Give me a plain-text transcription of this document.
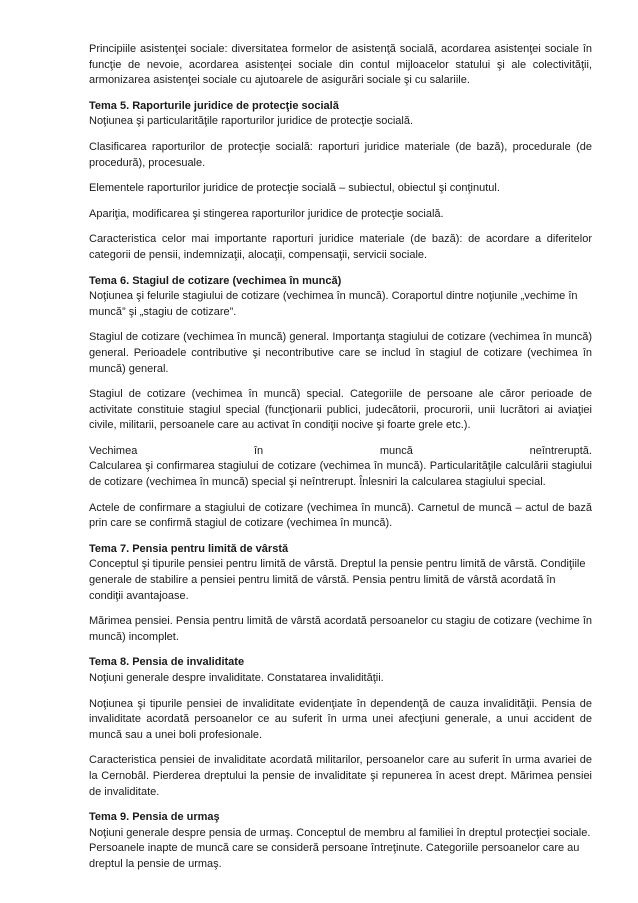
Principiile asistenţei sociale: diversitatea formelor de asistenţă socială, acordarea asistenţei sociale în funcţie de nevoie, acordarea asistenţei sociale din contul mijloacelor statului şi ale colectivităţii, armonizarea asistenţei sociale cu ajutoarele de asigurări sociale şi cu salariile.

Tema 5. Raporturile juridice de protecţie socială

Noţiunea şi particularităţile raporturilor juridice de protecţie socială.

Clasificarea raporturilor de protecţie socială: raporturi juridice materiale (de bază), procedurale (de procedură), procesuale.

Elementele raporturilor juridice de protecţie socială – subiectul, obiectul şi conţinutul.

Apariţia, modificarea şi stingerea raporturilor juridice de protecţie socială.

Caracteristica celor mai importante raporturi juridice materiale (de bază): de acordare a diferitelor categorii de pensii, indemnizaţii, alocaţii, compensaţii, servicii sociale.

Tema 6. Stagiul de cotizare (vechimea în muncă)

Noţiunea şi felurile stagiului de cotizare (vechimea în muncă). Coraportul dintre noţiunile „vechime în muncă” şi „stagiu de cotizare”.

Stagiul de cotizare (vechimea în muncă) general. Importanţa stagiului de cotizare (vechimea în muncă) general. Perioadele contributive şi necontributive care se includ în stagiul de cotizare (vechimea în muncă) general.

Stagiul de cotizare (vechimea în muncă) special. Categoriile de persoane ale căror perioade de activitate constituie stagiul special (funcţionarii publici, judecătorii, procurorii, unii lucrători ai aviaţiei civile, militarii, persoanele care au activat în condiţii nocive şi foarte grele etc.).

Vechimea	în	muncă	neîntreruptă.

Calcularea şi confirmarea stagiului de cotizare (vechimea în muncă). Particularităţile calculării stagiului de cotizare (vechimea în muncă) special şi neîntrerupt. Înlesniri la calcularea stagiului special.

Actele de confirmare a stagiului de cotizare (vechimea în muncă). Carnetul de muncă – actul de bază prin care se confirmă stagiul de cotizare (vechimea în muncă).

Tema 7. Pensia pentru limită de vârstă

Conceptul şi tipurile pensiei pentru limită de vârstă. Dreptul la pensie pentru limită de vârstă. Condiţiile generale de stabilire a pensiei pentru limită de vârstă. Pensia pentru limită de vârstă acordată în condiţii avantajoase.

Mărimea pensiei. Pensia pentru limită de vârstă acordată persoanelor cu stagiu de cotizare (vechime în muncă) incomplet.

Tema 8. Pensia de invaliditate

Noţiuni generale despre invaliditate. Constatarea invalidităţii.

Noţiunea şi tipurile pensiei de invaliditate evidenţiate în dependenţă de cauza invalidităţii. Pensia de invaliditate acordată persoanelor ce au suferit în urma unei afecţiuni generale, a unui accident de muncă sau a unei boli profesionale.

Caracteristica pensiei de invaliditate acordată militarilor, persoanelor care au suferit în urma avariei de la Cernobâl. Pierderea dreptului la pensie de invaliditate şi repunerea în acest drept. Mărimea pensiei de invaliditate.

Tema 9. Pensia de urmaş

Noţiuni generale despre pensia de urmaş. Conceptul de membru al familiei în dreptul protecţiei sociale. Persoanele inapte de muncă care se consideră persoane întreţinute. Categoriile persoanelor care au dreptul la pensie de urmaş.
